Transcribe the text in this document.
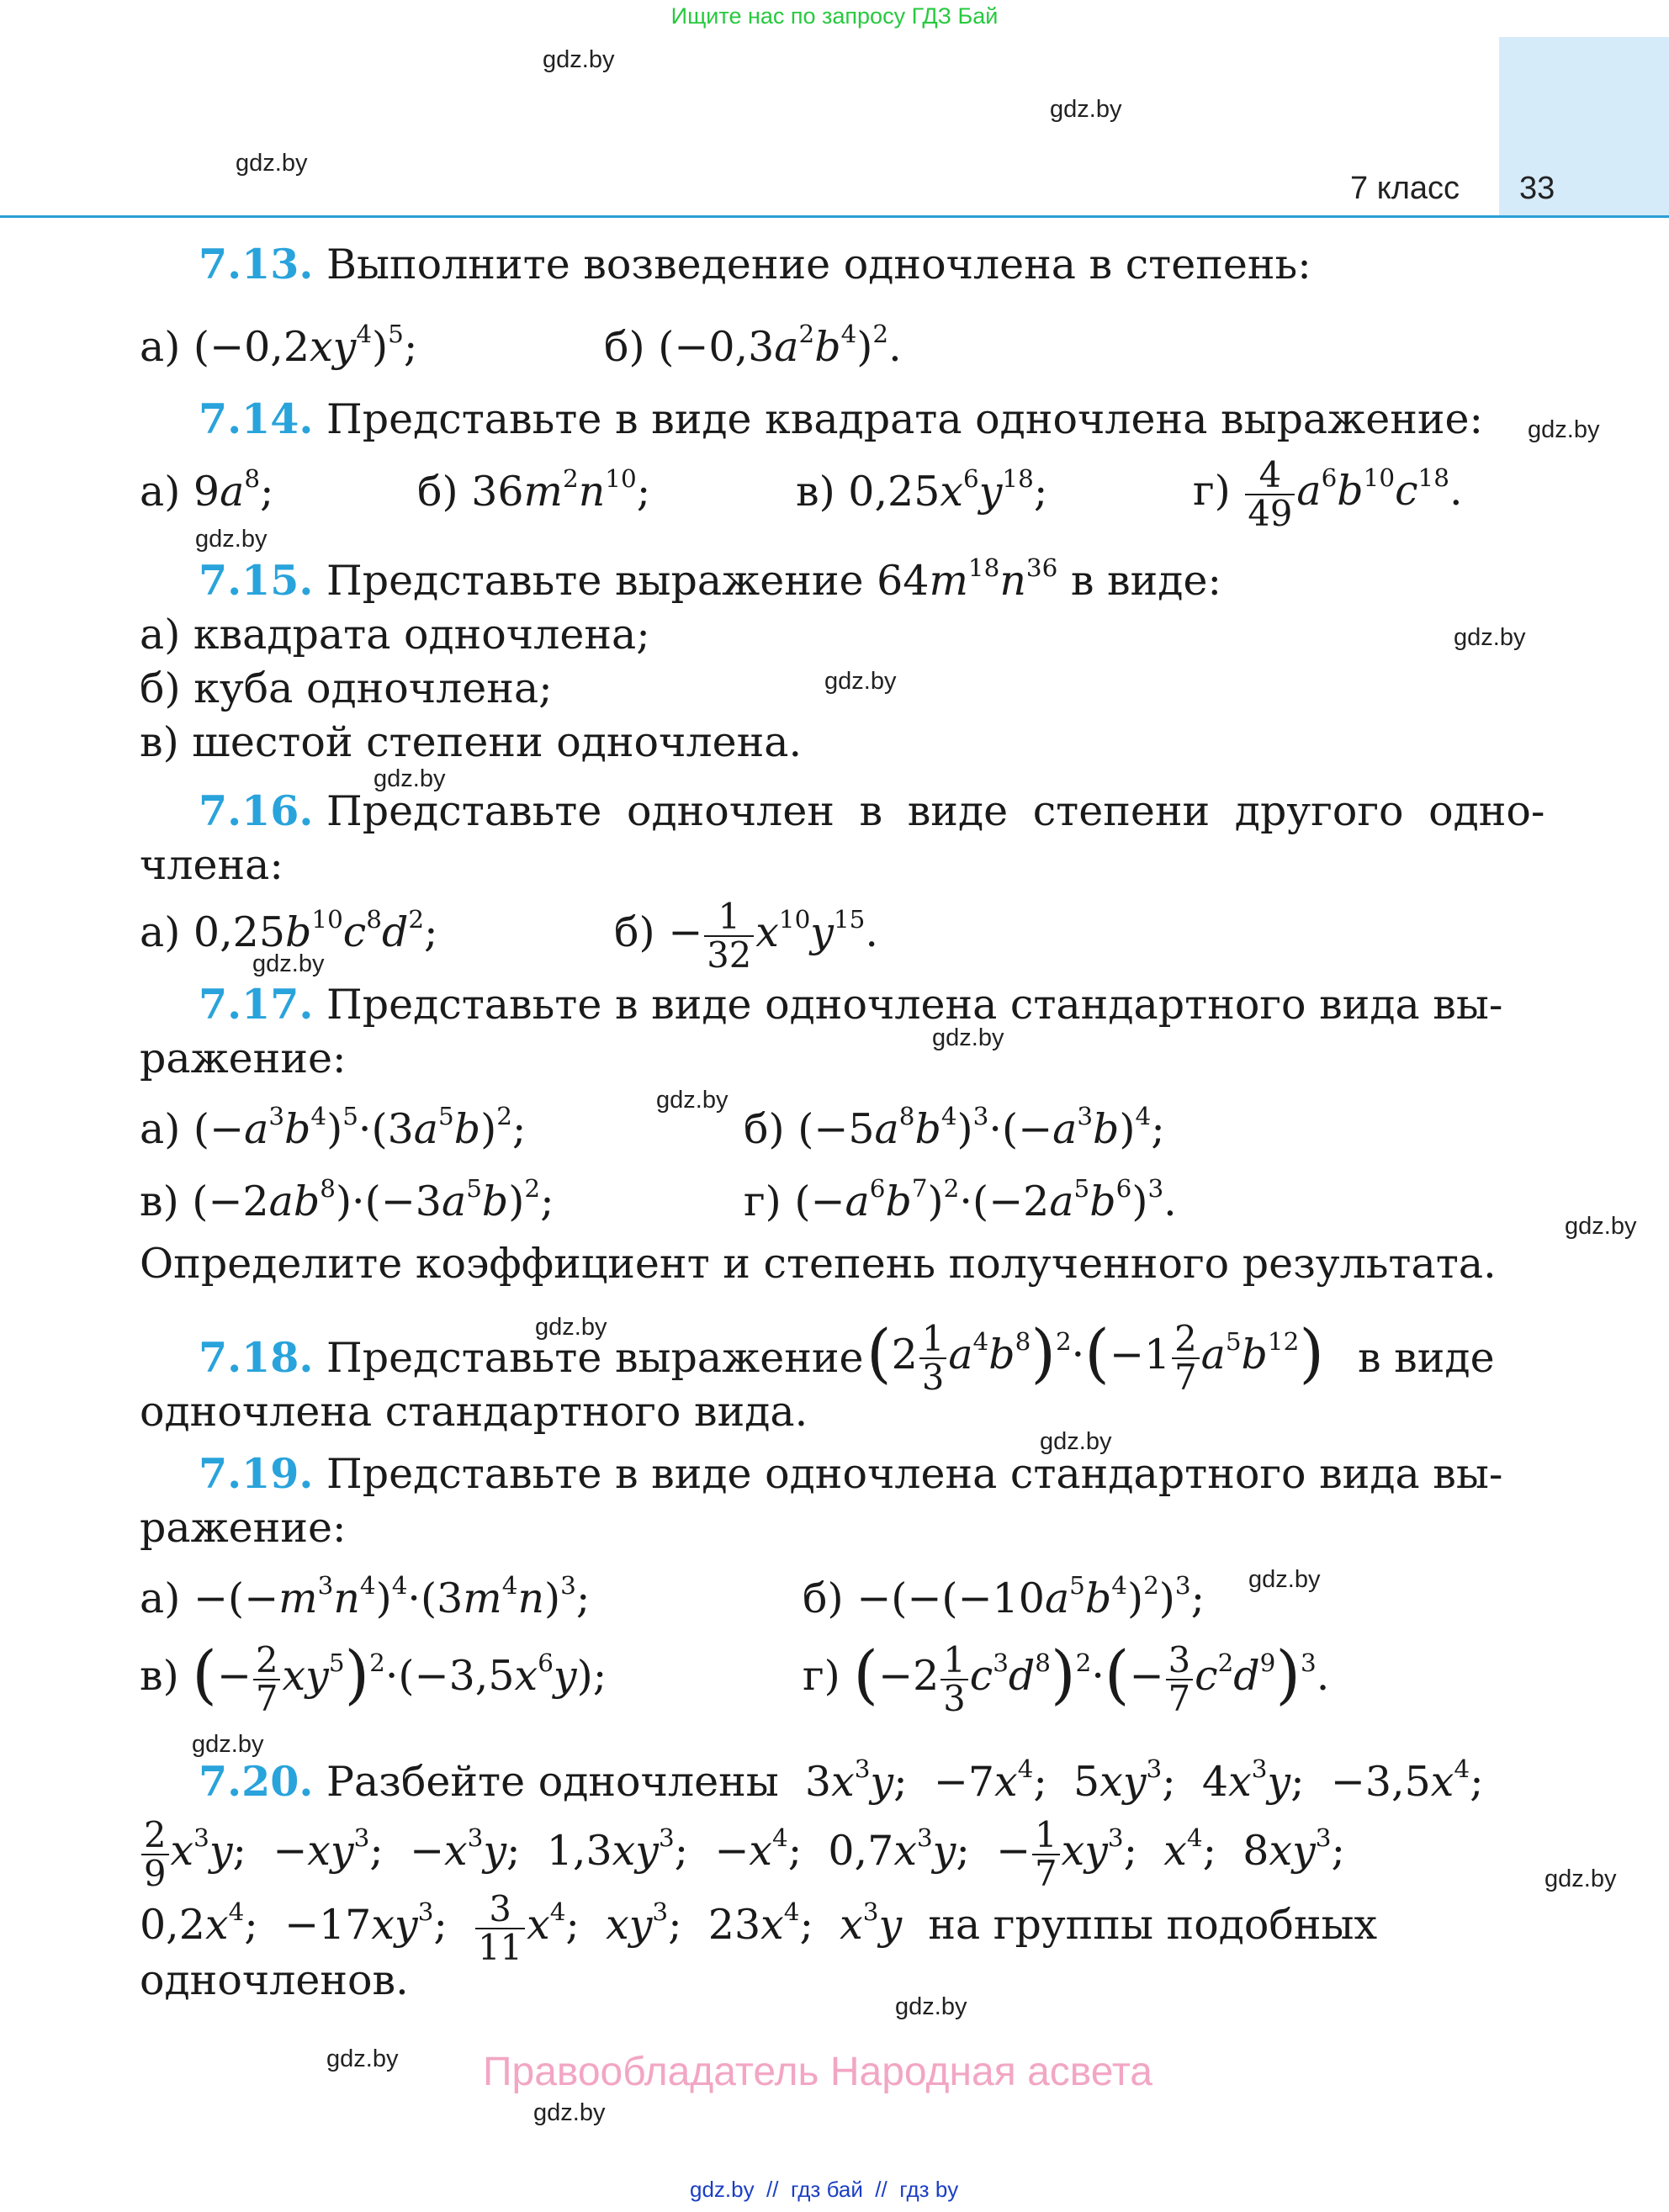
Ищите нас по запросу ГДЗ Бай
7 класс 33
gdz.by
gdz.by
gdz.by
gdz.by
gdz.by
gdz.by
gdz.by
gdz.by
gdz.by
gdz.by
gdz.by
gdz.by
gdz.by
gdz.by
gdz.by
gdz.by
gdz.by
gdz.by
gdz.by
gdz.by
7.13. Выполните возведение одночлена в степень:
а) $(-0,2xy^4)^5$;	б) $(-0,3a^2b^4)^2$.
7.14. Представьте в виде квадрата одночлена выражение:
а) $9a^8$;	б) $36m^2n^{10}$;	в) $0,25x^6y^{18}$;	$г) \frac{4}{49} a^6b^{10}c^{18}$.
7.15. Представьте выражение $64m^{18}n^{36}$ в виде:
а) квадрата одночлена;
б) куба одночлена;
в) шестой степени одночлена.
7.16. Представьте одночлен в виде степени другого одно-
члена:
а) $0,25b^{10}c^8d^2$;	$б) - \frac{1}{32} x^{10}y^{15}$.
7.17. Представьте в виде одночлена стандартного вида вы-
ражение:
а) $(-a^3b^4)^5\cdot(3a^5b)^2$;	б) $(-5a^8b^4)^3\cdot(-a^3b)^4$;
в) $(-2ab^8)\cdot(-3a^5b)^2$;	г) $(-a^6b^7)^2\cdot(-2a^5b^6)^3$.
Определите коэффициент и степень полученного результата.
7.18. Представьте выражение $(2 \frac{1}{3} a^4b^8)^2\cdot(-1 \frac{2}{7} a^5b^{12})$ в виде
одночлена стандартного вида.
7.19. Представьте в виде одночлена стандартного вида вы-
ражение:
$а) -(-m^3n^4)^4\cdot(3m^4n)^3$;	$б) -(-(-10a^5b^4)^2)^3$;
в) (− $\frac{2}{7} xy^5)^2\cdot(-3,5x^6y)$;	г) $(-2 \frac{1}{3} c^3d^8)^2\cdot(- \frac{3}{7} c^2d^9)^3$.
7.20. Разбейте одночлены  $3x^3y$;  $-7x^4$;  $5xy^3$;  $4x^3y$;  $-3,5x^4$;
$\frac{2}{9} x^3y$;  $-xy^3$;  $-x^3y$;  $1,3xy^3$;  $-x^4$;  $0,7x^3y$;  − $\frac{1}{7} xy^3$;  $x^4$;  $8xy^3$;
$0,2x^4$;  $-17xy^3$; $\frac{3}{11} x^4$;  $xy^3$;  $23x^4$;  $x^3y$ на группы подобных
одночленов.
Правообладатель Народная асвета
gdz.by  //  гдз бай  //  гдз by
